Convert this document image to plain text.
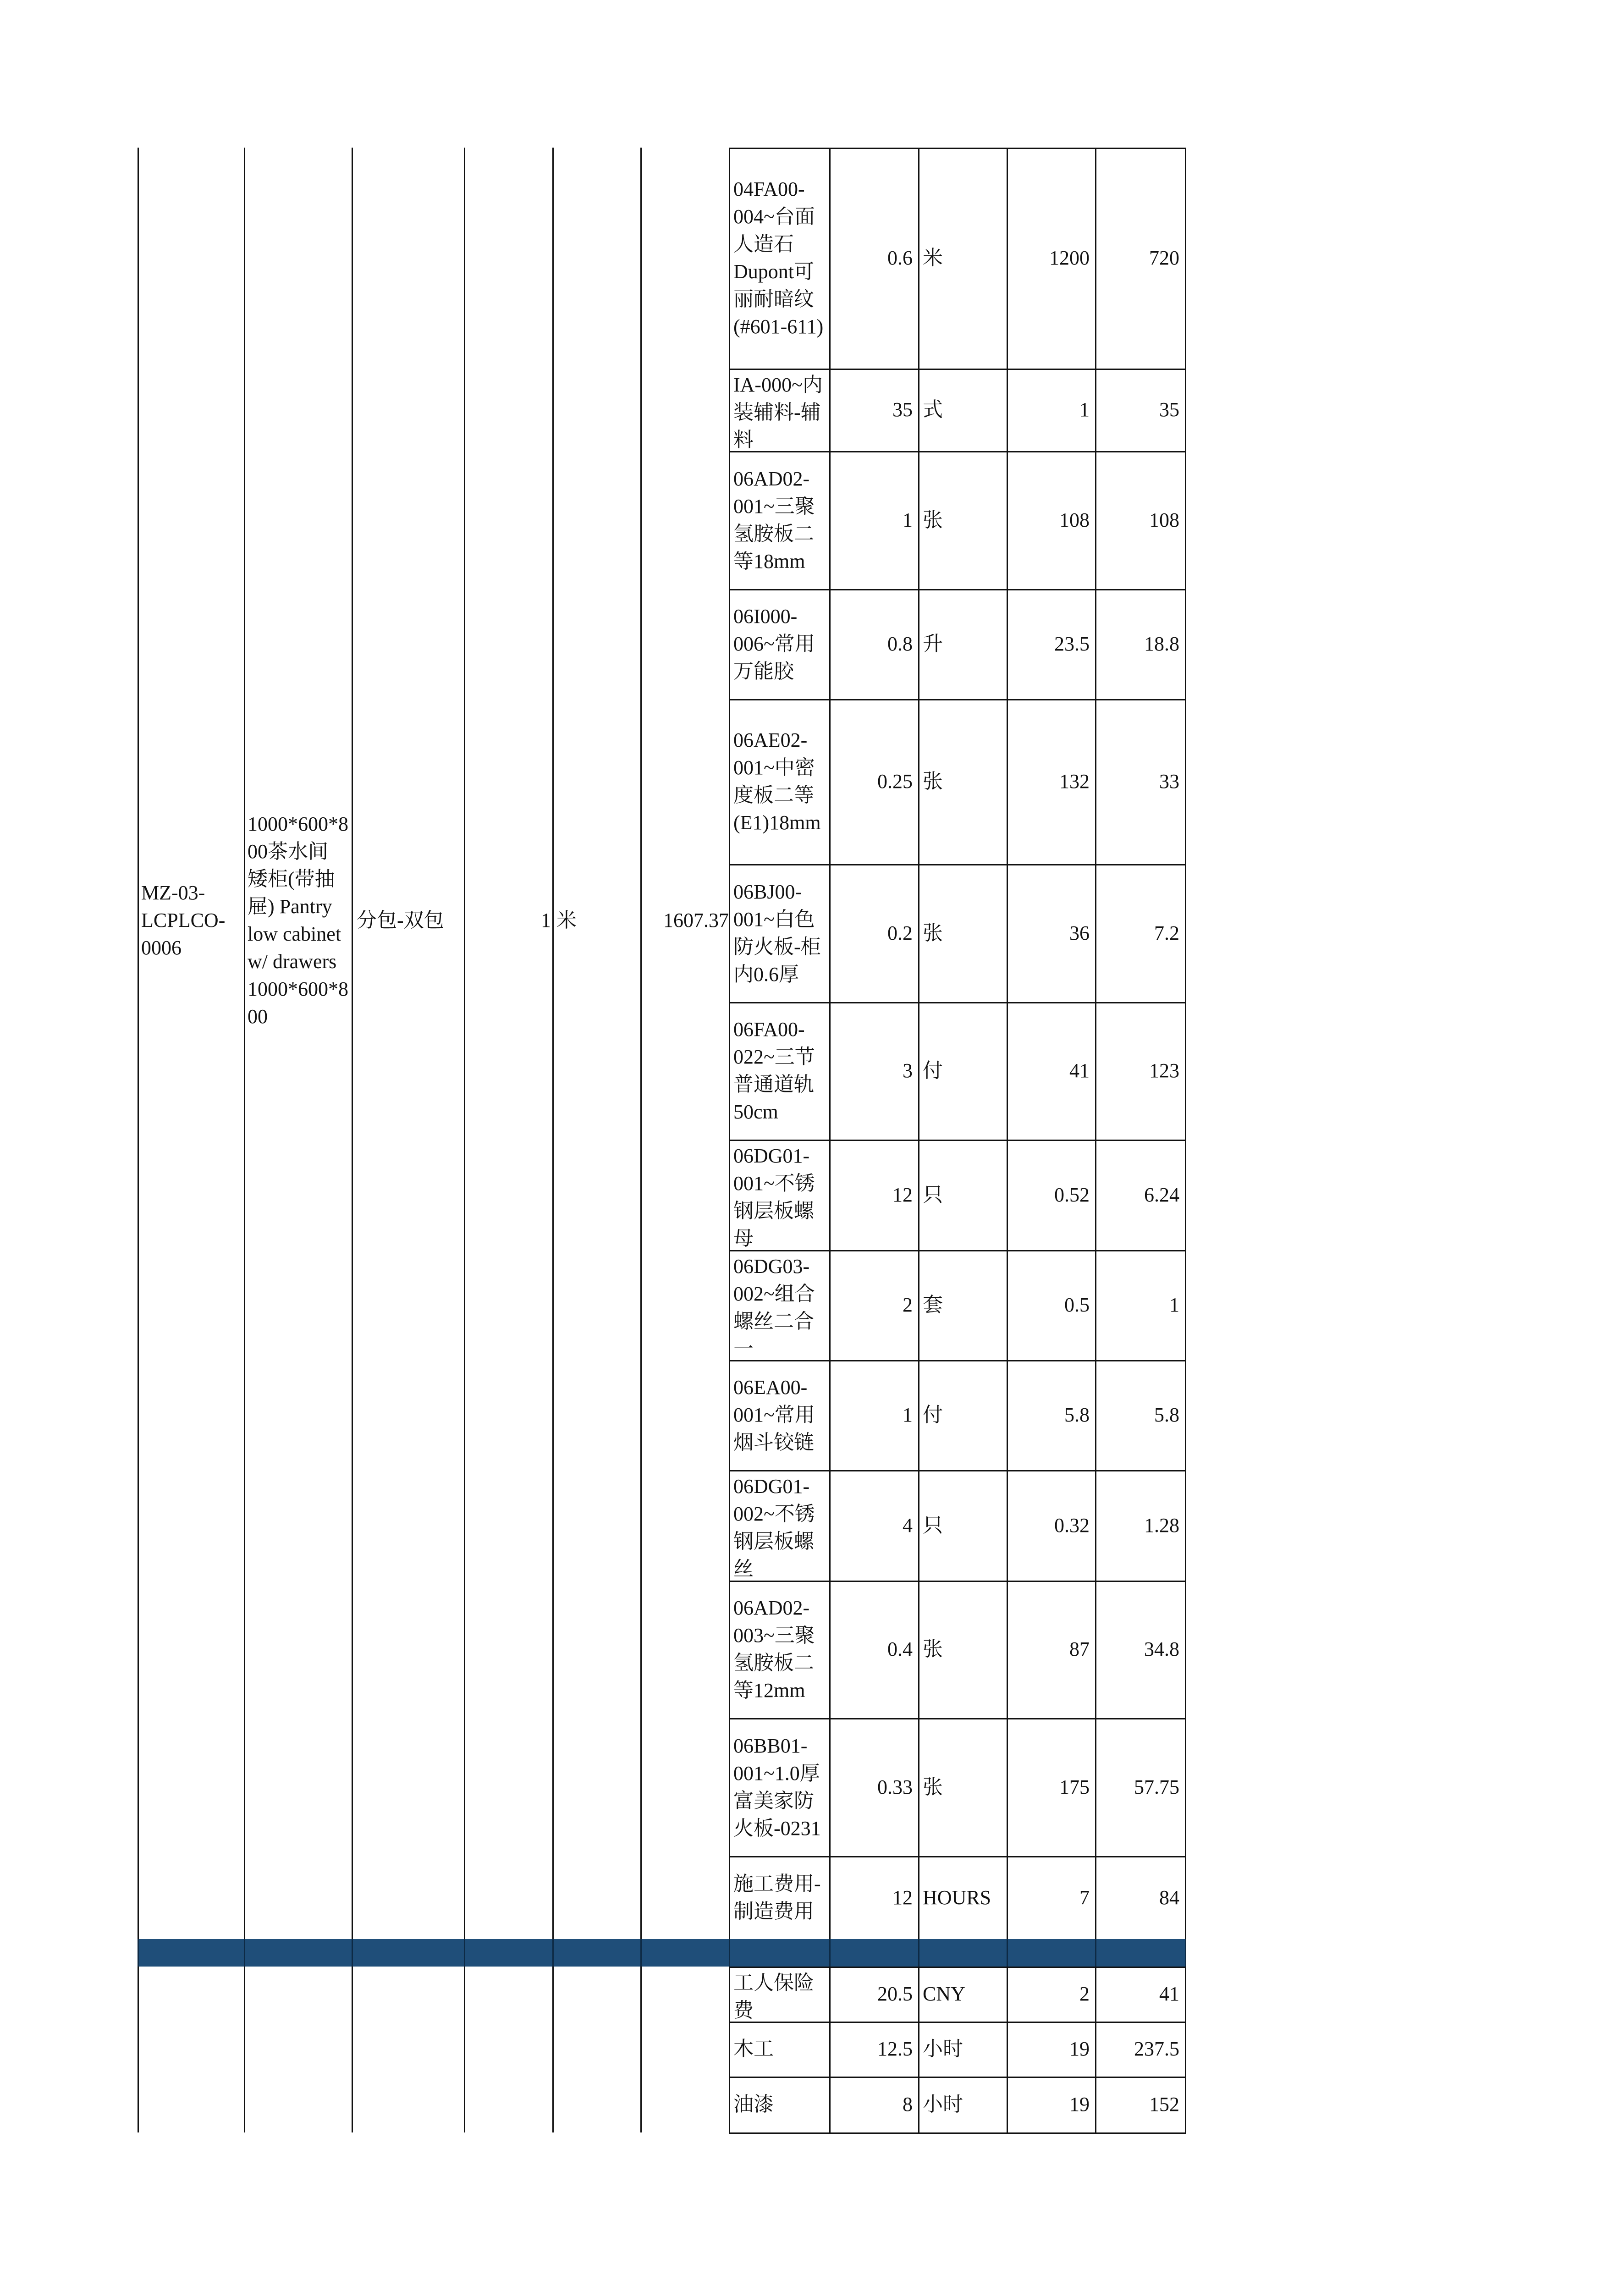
MZ-03-
LCPLCO-
0006
1000*600*8
00茶水间
矮柜(带抽
屉) Pantry
low cabinet
w/ drawers
1000*600*8
00
分包-双包	1 米	1607.37
04FA00-
004~台面
人造石
Dupont可
丽耐暗纹
(#601-611)
0.6 米	1200	720
IA-000~内
装辅料-辅
料
35 式	1	35
06AD02-
001~三聚
氢胺板二
等18mm
1 张	108	108
06I000-
006~常用
万能胶
0.8 升	23.5	18.8
06AE02-
001~中密
度板二等
(E1)18mm
0.25 张	132	33
06BJ00-
001~白色
防火板-柜
内0.6厚
0.2 张	36	7.2
06FA00-
022~三节
普通道轨
50cm
3 付	41	123
06DG01-
001~不锈
钢层板螺
母
12 只	0.52	6.24
06DG03-
002~组合
螺丝二合
一
2 套	0.5	1
06EA00-
001~常用
烟斗铰链
1 付	5.8	5.8
06DG01-
002~不锈
钢层板螺
丝
4 只	0.32	1.28
06AD02-
003~三聚
氢胺板二
等12mm
0.4 张	87	34.8
06BB01-
001~1.0厚
富美家防
火板-0231
0.33 张	175	57.75
施工费用-
制造费用
12 HOURS	7	84
工人保险
费
20.5 CNY	2	41
木工	12.5 小时	19	237.5
油漆	8 小时	19	152
